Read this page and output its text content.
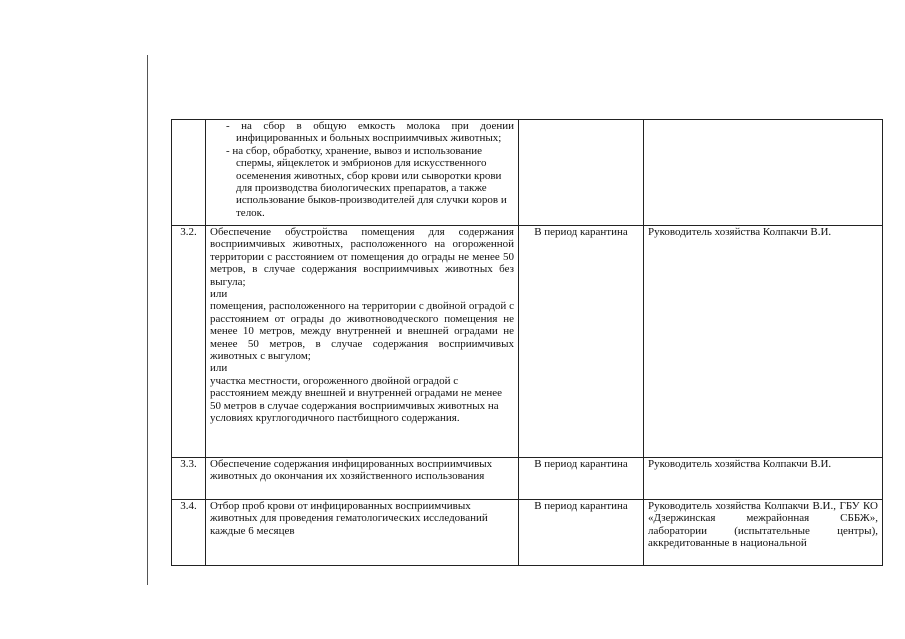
	- на сбор в общую емкость молока при доении инфицированных и больных восприимчивых животных;
- на сбор, обработку, хранение, вывоз и использование спермы, яйцеклеток и эмбрионов для искусственного осеменения животных, сбор крови или сыворотки крови для производства биологических препаратов, а также использование быков-производителей для случки коров и телок.		

3.2.	Обеспечение обустройства помещения для содержания восприимчивых животных, расположенного на огороженной территории с расстоянием от помещения до ограды не менее 50 метров, в случае содержания восприимчивых животных без выгула;
или
помещения, расположенного на территории с двойной оградой с расстоянием от ограды до животноводческого помещения не менее 10 метров, между внутренней и внешней оградами не менее 50 метров, в случае содержания восприимчивых животных с выгулом;
или
участка местности, огороженного двойной оградой с расстоянием между внешней и внутренней оградами не менее 50 метров в случае содержания восприимчивых животных на условиях круглогодичного пастбищного содержания.	В период карантина	Руководитель хозяйства Колпакчи В.И.
3.3.	Обеспечение содержания инфицированных восприимчивых животных до окончания их хозяйственного использования	В период карантина	Руководитель хозяйства Колпакчи В.И.
3.4.	Отбор проб крови от инфицированных восприимчивых животных для проведения гематологических исследований каждые 6 месяцев	В период карантина	Руководитель хозяйства Колпакчи В.И., ГБУ КО «Дзержинская межрайонная СББЖ», лаборатории (испытательные центры), аккредитованные в национальной
